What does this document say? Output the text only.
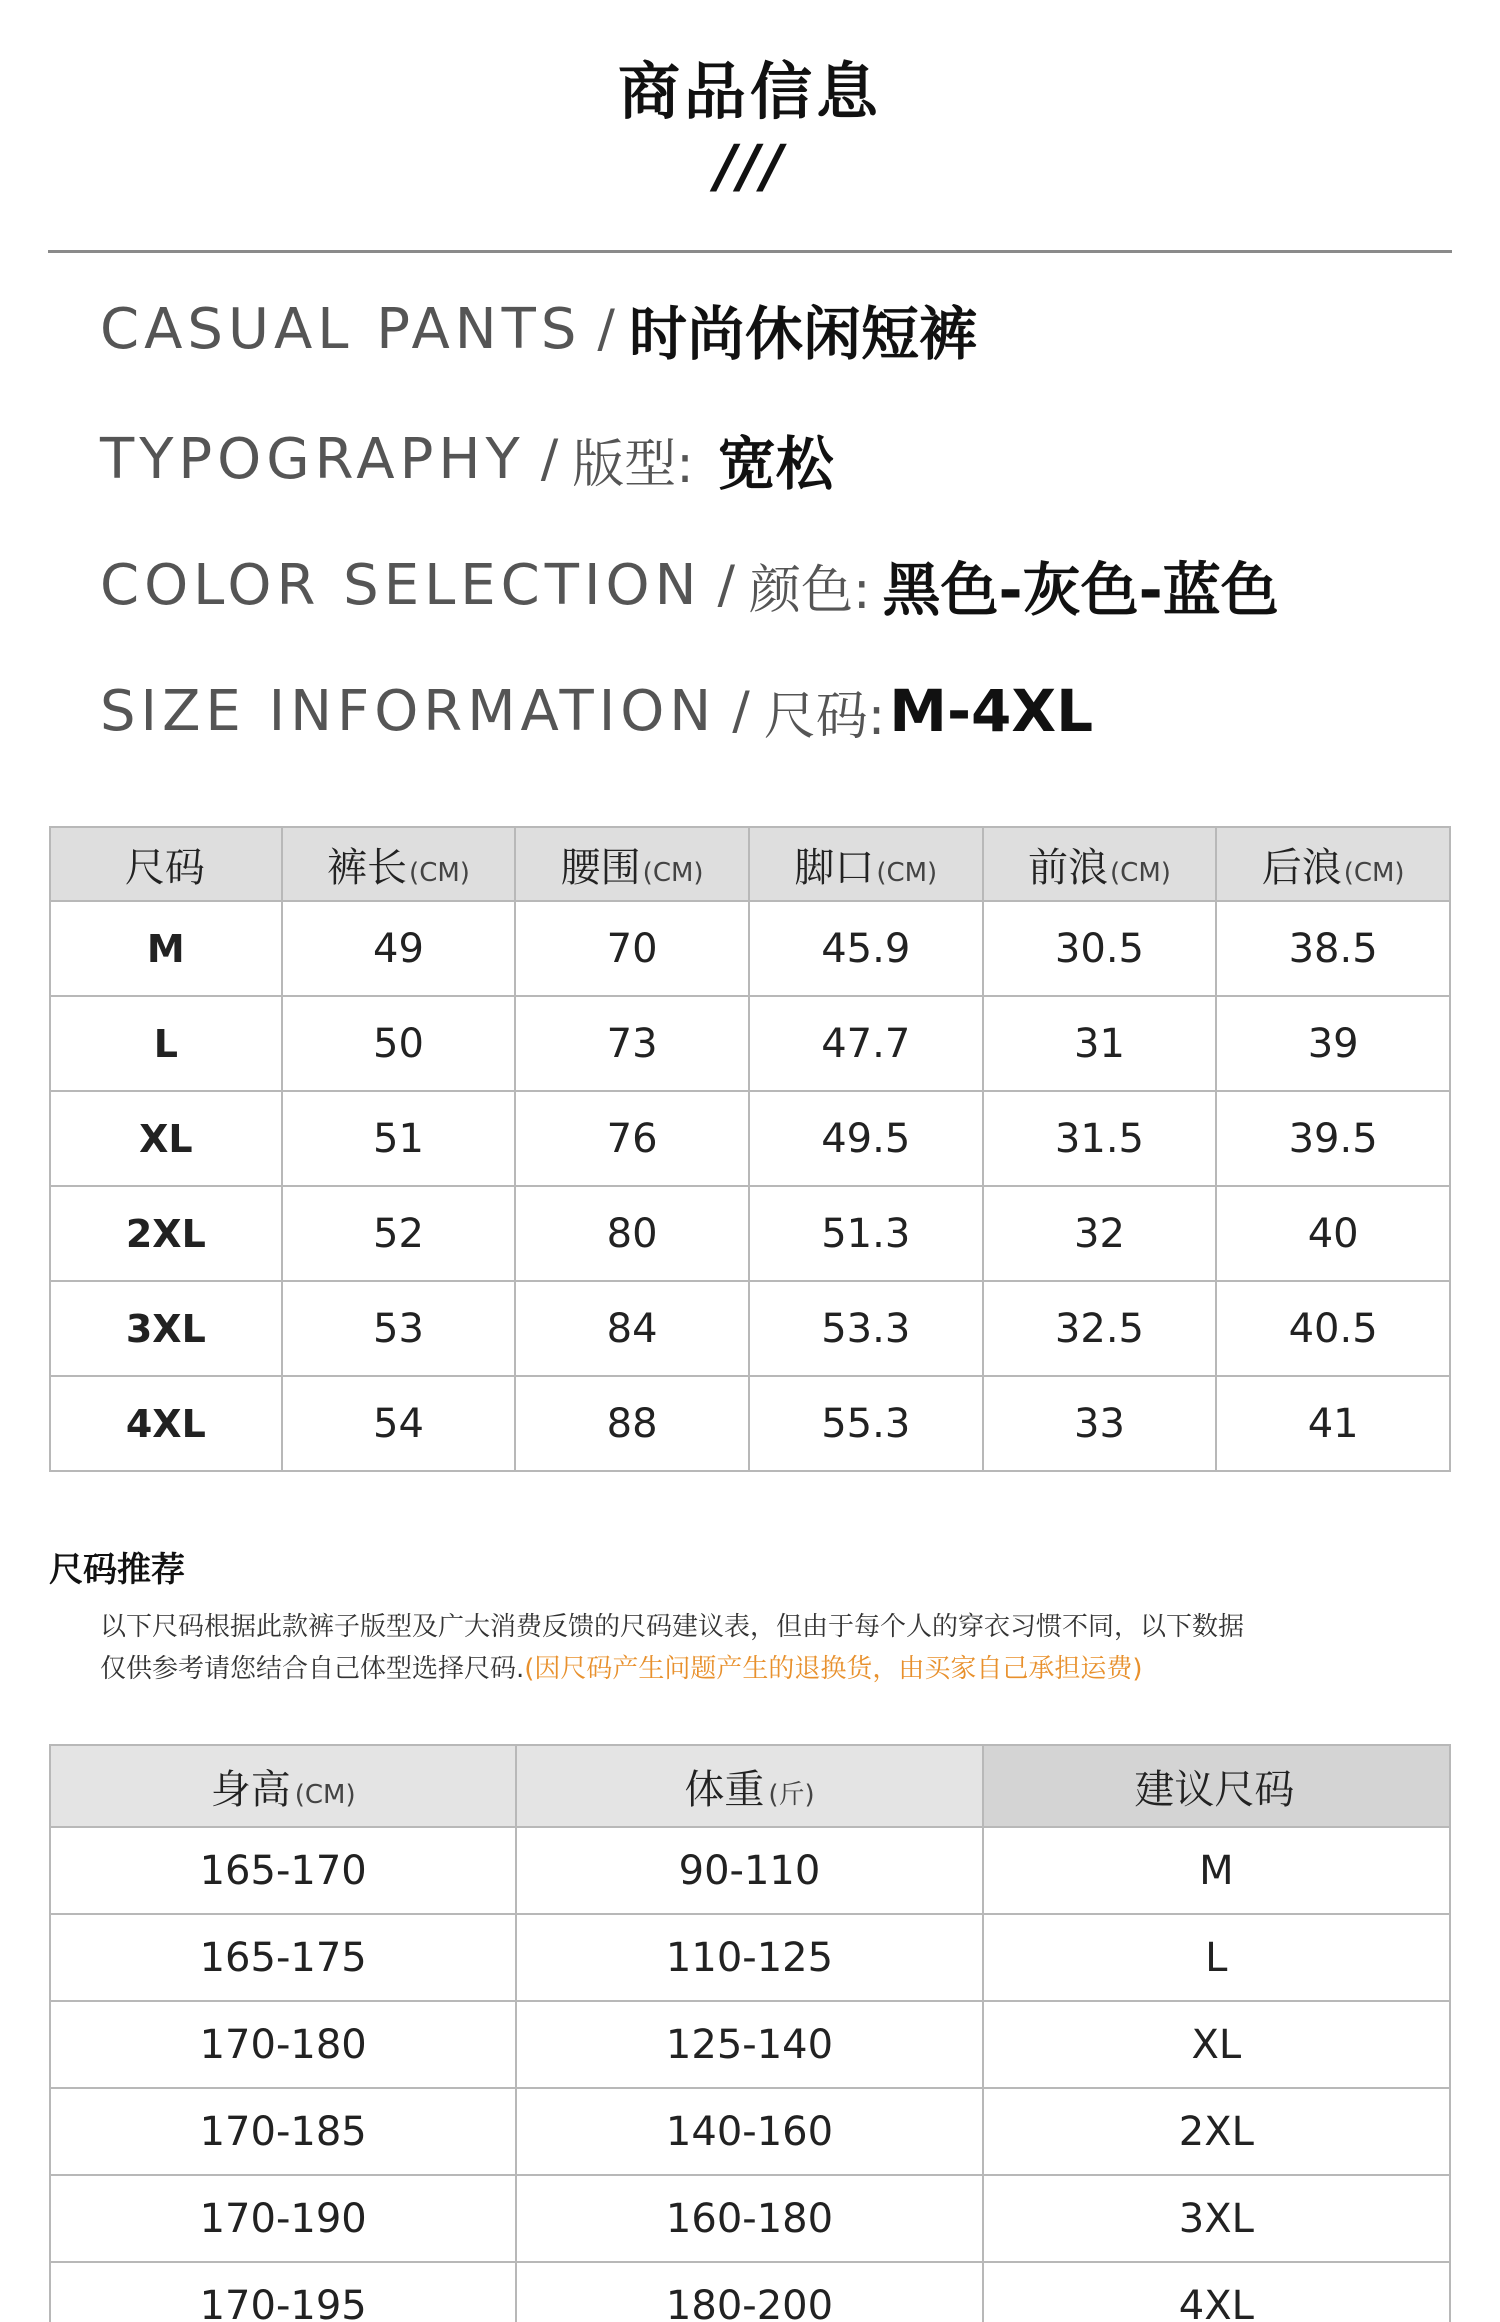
商品信息
///
CASUAL PANTS / 时尚休闲短裤
TYPOGRAPHY / 版型: 宽松
COLOR SELECTION / 颜色: 黑色-灰色-蓝色
SIZE INFORMATION / 尺码: M-4XL
尺码	裤长(CM)	腰围(CM)	脚口(CM)	前浪(CM)	后浪(CM)
M	49	70	45.9	30.5	38.5
L	50	73	47.7	31	39
XL	51	76	49.5	31.5	39.5
2XL	52	80	51.3	32	40
3XL	53	84	53.3	32.5	40.5
4XL	54	88	55.3	33	41
尺码推荐
以下尺码根据此款裤子版型及广大消费反馈的尺码建议表，但由于每个人的穿衣习惯不同，以下数据
仅供参考请您结合自己体型选择尺码.(因尺码产生问题产生的退换货，由买家自己承担运费)
身高 (CM)	体重 (斤)	建议尺码
165-170	90-110	M
165-175	110-125	L
170-180	125-140	XL
170-185	140-160	2XL
170-190	160-180	3XL
170-195	180-200	4XL
